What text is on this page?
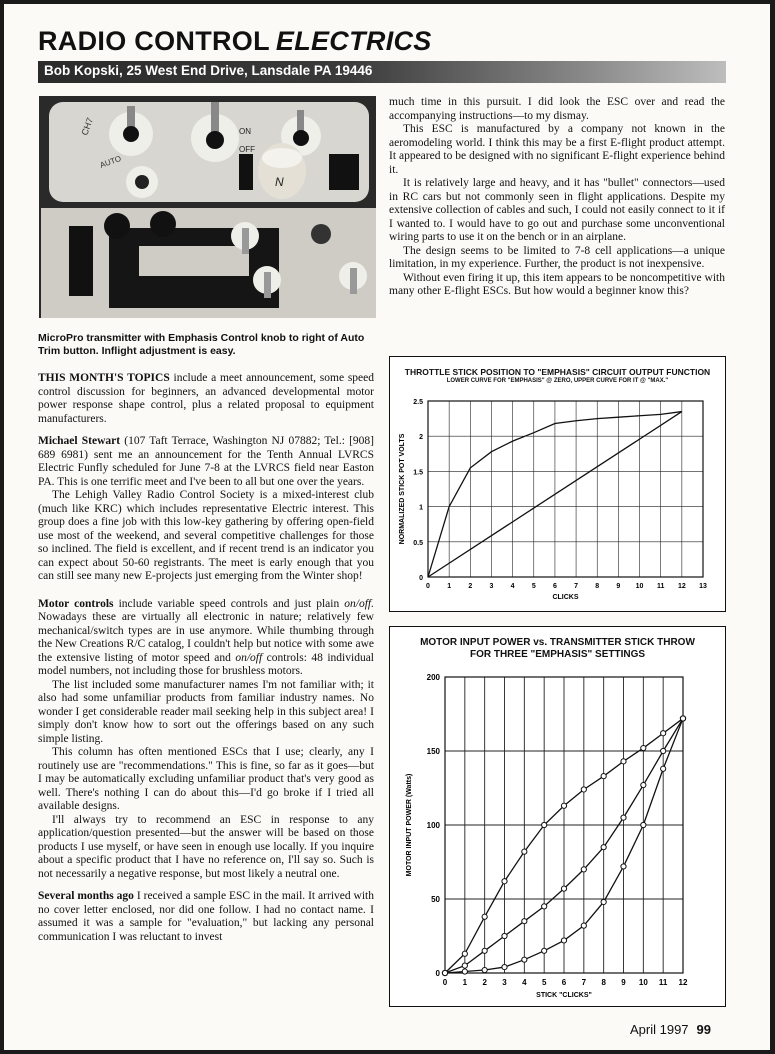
RADIO CONTROL ELECTRICS
Bob Kopski, 25 West End Drive, Lansdale PA 19446
CH7	ON
OFF
AUTO
N
MicroPro transmitter with Emphasis Control knob to right of Auto Trim button. Inflight adjustment is easy.

THIS MONTH'S TOPICS include a meet announcement, some speed control discussion for beginners, an advanced developmental motor power response shape control, plus a related proposal to equipment manufacturers.

Michael Stewart (107 Taft Terrace, Washington NJ 07882; Tel.: [908] 689 6981) sent me an announcement for the Tenth Annual LVRCS Electric Funfly scheduled for June 7-8 at the LVRCS field near Easton PA. This is one terrific meet and I've been to all but one over the years.

The Lehigh Valley Radio Control Society is a mixed-interest club (much like KRC) which includes representative Electric interest. This group does a fine job with this low-key gathering by offering open-field use most of the weekend, and several competitive challenges for those so inclined. The field is excellent, and if recent trend is an indicator you can expect about 50-60 registrants. The meet is early enough that you can still see many new E-projects just emerging from the Winter shop!

Motor controls include variable speed controls and just plain on/off. Nowadays these are virtually all electronic in nature; relatively few mechanical/switch types are in use anymore. While thumbing through the New Creations R/C catalog, I couldn't help but notice with some awe the extensive listing of motor speed and on/off controls: 48 individual model numbers, not including those for brushless motors.

The list included some manufacturer names I'm not familiar with; it also had some unfamiliar products from familiar industry names. No wonder I get considerable reader mail seeking help in this subject area! I simply don't know how to sort out the offerings based on any such simple listing.

This column has often mentioned ESCs that I use; clearly, any I routinely use are "recommendations." This is fine, so far as it goes—but I may be automatically excluding unfamiliar product that's very good as well. There's nothing I can do about this—I'd go broke if I tried all available designs.

I'll always try to recommend an ESC in response to any application/question presented—but the answer will be based on those products I use myself, or have seen in enough use locally. If you inquire about a specific product that I have no reference on, I'll say so. Such is not necessarily a negative response, but most likely a neutral one.

Several months ago I received a sample ESC in the mail. It arrived with no cover letter enclosed, nor did one follow. I had no contact name. I assumed it was a sample for "evaluation," but lacking any personal communication I was reluctant to invest

much time in this pursuit. I did look the ESC over and read the accompanying instructions—to my dismay.

This ESC is manufactured by a company not known in the aeromodeling world. I think this may be a first E-flight product attempt. It appeared to be designed with no significant E-flight experience behind it.

It is relatively large and heavy, and it has "bullet" connectors—used in RC cars but not commonly seen in flight applications. Despite my extensive collection of cables and such, I could not easily connect to it if I wanted to. I would have to go out and purchase some unconventional wiring parts to use it on the bench or in an airplane.

The design seems to be limited to 7-8 cell applications—a unique limitation, in my experience. Further, the product is not inexpensive.

Without even firing it up, this item appears to be noncompetitive with many other E-flight ESCs. But how would a beginner know this?

THROTTLE STICK POSITION TO "EMPHASIS" CIRCUIT OUTPUT FUNCTION
LOWER CURVE FOR "EMPHASIS" @ ZERO, UPPER CURVE FOR IT @ "MAX."
0 1 2 3 4 5 6 7 8 9 10 11 12 13
0
0.5
1
1.5
2
2.5
CLICKS
NORMALIZED STICK POT VOLTS
MOTOR INPUT POWER vs. TRANSMITTER STICK THROW
FOR THREE "EMPHASIS" SETTINGS
0 1 2 3 4 5 6 7 8 9 10 11 12
0
50
100
150
200
STICK "CLICKS"
MOTOR INPUT POWER (Watts)
April 1997 99
